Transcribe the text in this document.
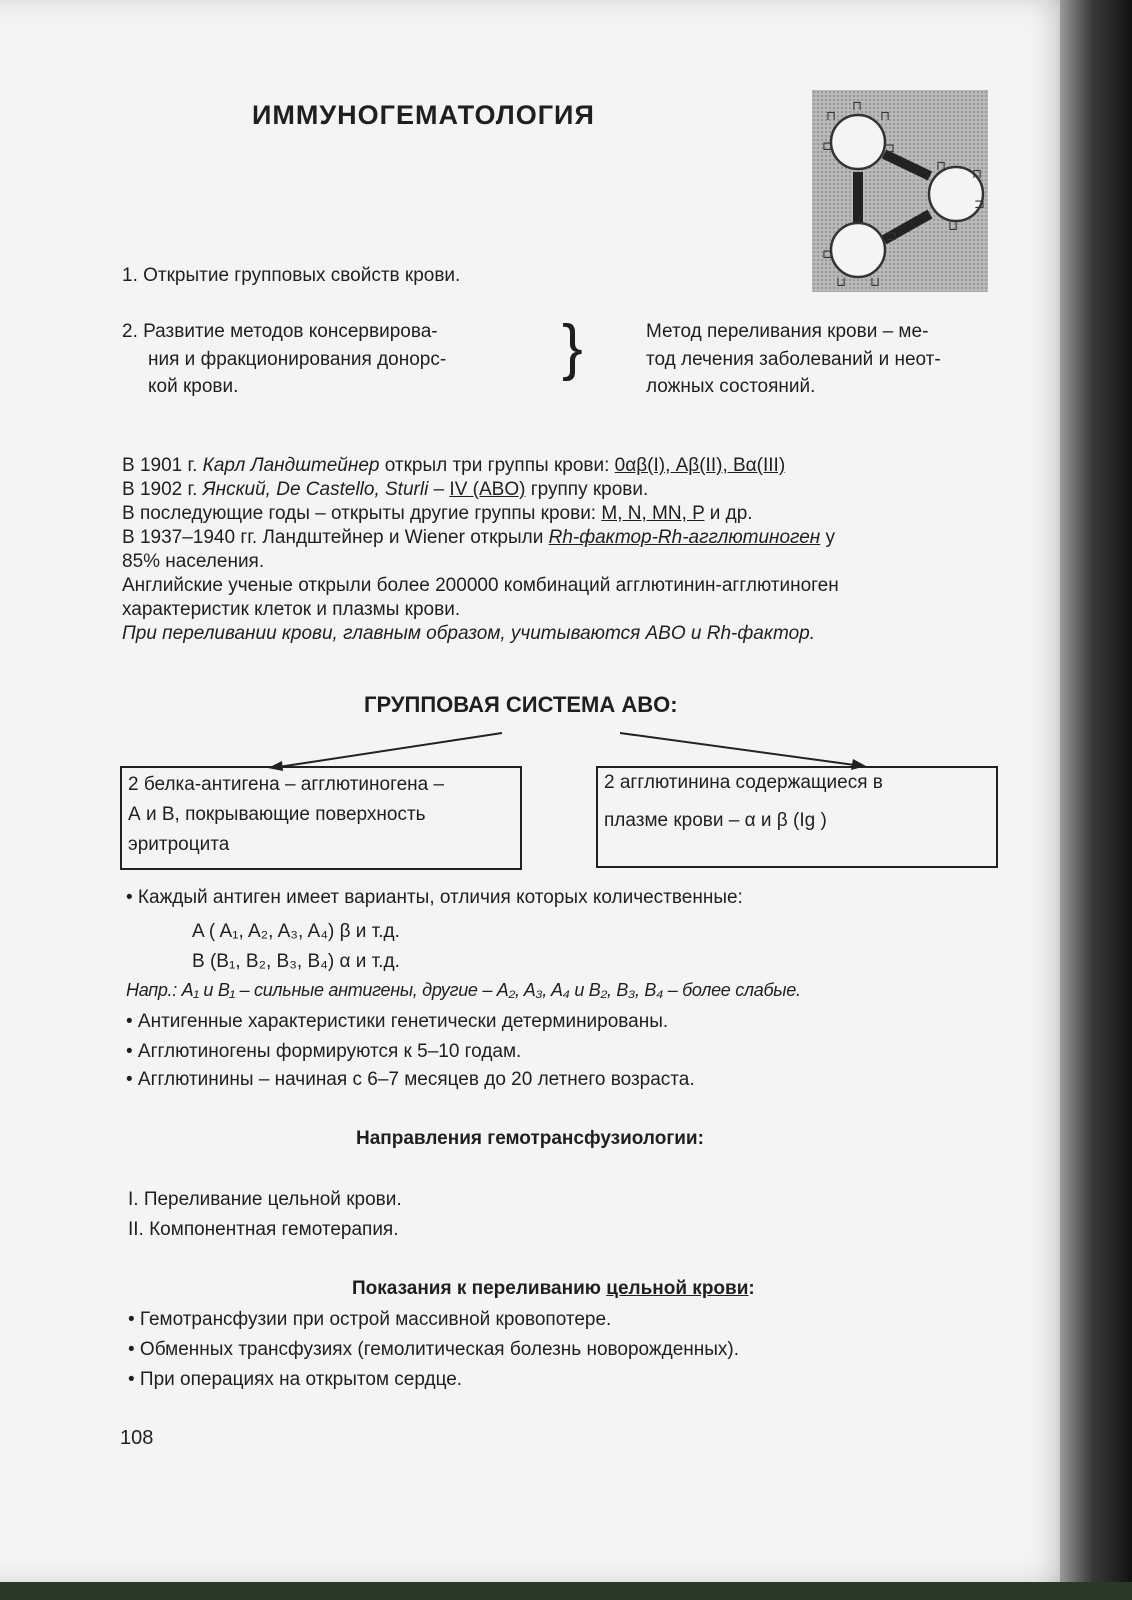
ИММУНОГЕМАТОЛОГИЯ	⊓
⊓
⊓
⊏	⊐
⊓
⊓
⊐
⊔
⊏
⊔ ⊔
⊐
1. Открытие групповых свойств крови.
2. Развитие методов консервирова-
ния и фракционирования донорс-
кой крови.
}	Метод переливания крови – ме-
тод лечения заболеваний и неот-
ложных состояний.
В 1901 г. Карл Ландштейнер открыл три группы крови: 0αβ(I), Aβ(II), Bα(III)
В 1902 г. Янский, De Castello, Sturli – IV (ABO) группу крови.
В последующие годы – открыты другие группы крови: M, N, MN, P и др.
В 1937–1940 гг. Ландштейнер и Wiener открыли Rh-фактор-Rh-агглютиноген у
85% населения.
Английские ученые открыли более 200000 комбинаций агглютинин-агглютиноген
характеристик клеток и плазмы крови.
При переливании крови, главным образом, учитываются ABO и Rh-фактор.
ГРУППОВАЯ СИСТЕМА ABO:
2 белка-антигена – агглютиногена –
А и В, покрывающие поверхность
эритроцита
2 агглютинина содержащиеся в
плазме крови – α и β (Ig )
• Каждый антиген имеет варианты, отличия которых количественные:
A ( A₁, A₂, A₃, A₄) β и т.д.
B (B₁, B₂, B₃, B₄) α и т.д.
Напр.: A₁ и B₁ – сильные антигены, другие – A₂, A₃, A₄ и B₂, B₃, B₄ – более слабые.
• Антигенные характеристики генетически детерминированы.
• Агглютиногены формируются к 5–10 годам.
• Агглютинины – начиная с 6–7 месяцев до 20 летнего возраста.
Направления гемотрансфузиологии:
I. Переливание цельной крови.
II. Компонентная гемотерапия.
Показания к переливанию цельной крови:
• Гемотрансфузии при острой массивной кровопотере.
• Обменных трансфузиях (гемолитическая болезнь новорожденных).
• При операциях на открытом сердце.
108
